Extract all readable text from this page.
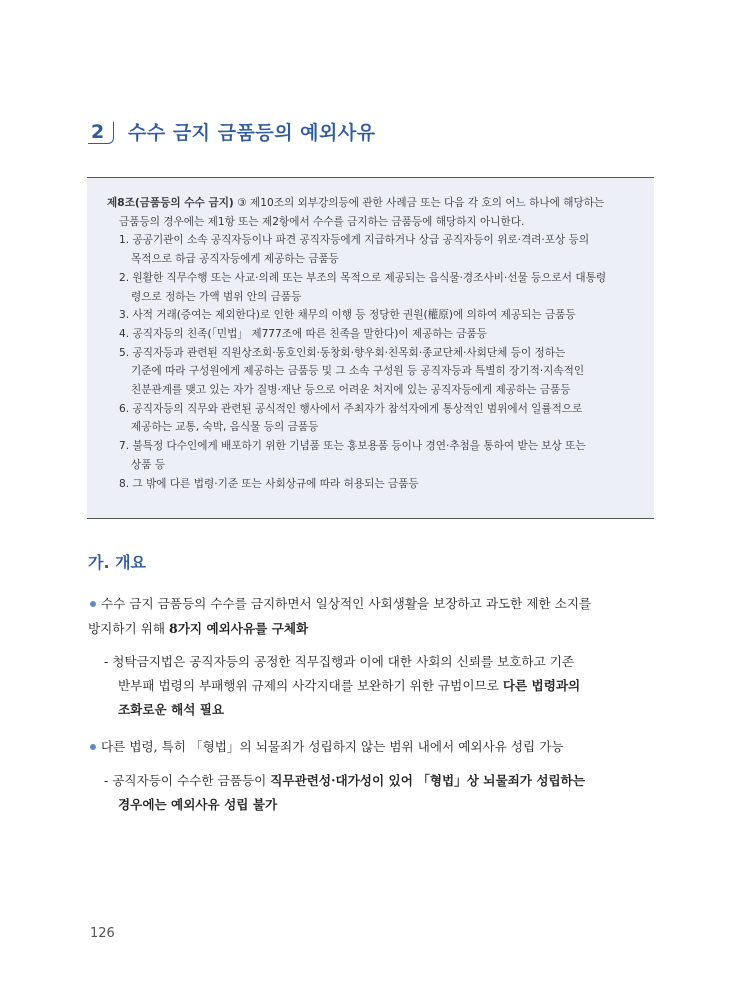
2 수수 금지 금품등의 예외사유

제8조(금품등의 수수 금지) ③ 제10조의 외부강의등에 관한 사례금 또는 다음 각 호의 어느 하나에 해당하는

금품등의 경우에는 제1항 또는 제2항에서 수수를 금지하는 금품등에 해당하지 아니한다.

1. 공공기관이 소속 공직자등이나 파견 공직자등에게 지급하거나 상급 공직자등이 위로·격려·포상 등의

목적으로 하급 공직자등에게 제공하는 금품등

2. 원활한 직무수행 또는 사교·의례 또는 부조의 목적으로 제공되는 음식물·경조사비·선물 등으로서 대통령

령으로 정하는 가액 범위 안의 금품등

3. 사적 거래(증여는 제외한다)로 인한 채무의 이행 등 정당한 권원(權原)에 의하여 제공되는 금품등

4. 공직자등의 친족(「민법」 제777조에 따른 친족을 말한다)이 제공하는 금품등

5. 공직자등과 관련된 직원상조회·동호인회·동창회·향우회·친목회·종교단체·사회단체 등이 정하는

기준에 따라 구성원에게 제공하는 금품등 및 그 소속 구성원 등 공직자등과 특별히 장기적·지속적인

친분관계를 맺고 있는 자가 질병·재난 등으로 어려운 처지에 있는 공직자등에게 제공하는 금품등

6. 공직자등의 직무와 관련된 공식적인 행사에서 주최자가 참석자에게 통상적인 범위에서 일률적으로

제공하는 교통, 숙박, 음식물 등의 금품등

7. 불특정 다수인에게 배포하기 위한 기념품 또는 홍보용품 등이나 경연·추첨을 통하여 받는 보상 또는

상품 등

8. 그 밖에 다른 법령·기준 또는 사회상규에 따라 허용되는 금품등

가. 개요
수수 금지 금품등의 수수를 금지하면서 일상적인 사회생활을 보장하고 과도한 제한 소지를
방지하기 위해 8가지 예외사유를 구체화
- 청탁금지법은 공직자등의 공정한 직무집행과 이에 대한 사회의 신뢰를 보호하고 기존
반부패 법령의 부패행위 규제의 사각지대를 보완하기 위한 규범이므로 다른 법령과의
조화로운 해석 필요
다른 법령, 특히 「형법」의 뇌물죄가 성립하지 않는 범위 내에서 예외사유 성립 가능
- 공직자등이 수수한 금품등이 직무관련성·대가성이 있어 「형법」상 뇌물죄가 성립하는
경우에는 예외사유 성립 불가
126
